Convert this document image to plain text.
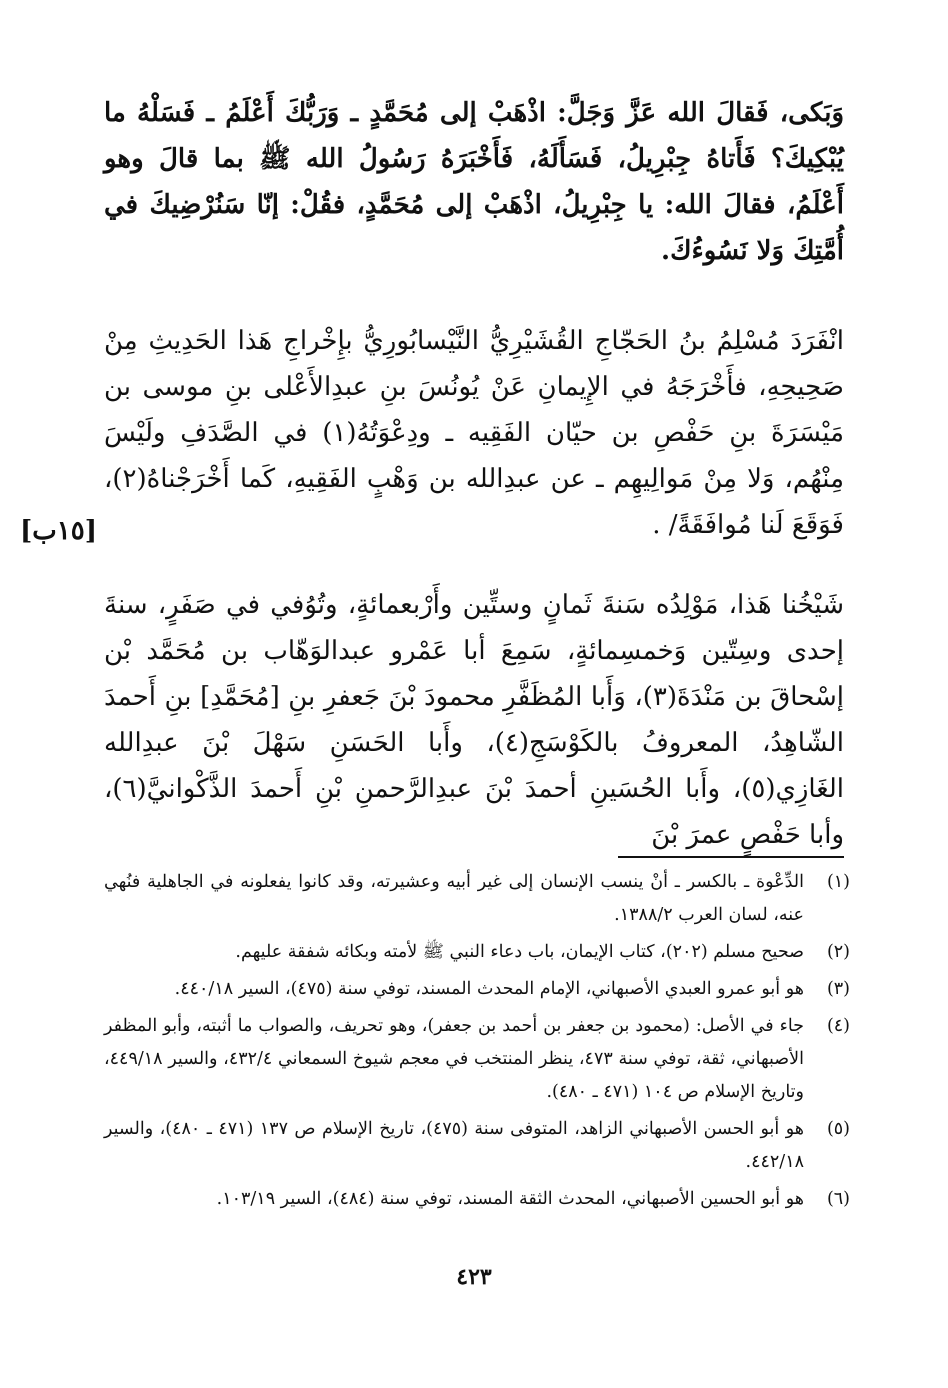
وَبَكى، فَقالَ الله عَزَّ وَجَلَّ: اذْهَبْ إلى مُحَمَّدٍ ـ وَرَبُّكَ أَعْلَمُ ـ فَسَلْهُ ما يُبْكِيكَ؟ فَأَتاهُ جِبْرِيلُ، فَسَأَلَهُ، فَأَخْبَرَهُ رَسُولُ الله ﷺ بما قالَ وهو أَعْلَمُ، فقالَ الله: يا جِبْرِيلُ، اذْهَبْ إلى مُحَمَّدٍ، فقُلْ: إنّا سَنُرْضِيكَ في أُمَّتِكَ وَلا نَسُوءُكَ.

انْفَرَدَ مُسْلِمُ بنُ الحَجّاجِ القُشَيْرِيُّ النَّيْسابُورِيُّ بإِخْراجِ هَذا الحَدِيثِ مِنْ صَحِيحِهِ، فأَخْرَجَهُ في الإِيمانِ عَنْ يُونُسَ بنِ عبدِالأَعْلى بنِ موسى بن مَيْسَرَةَ بنِ حَفْصِ بن حيّان الفَقِيه ـ ودِعْوَتُهُ(١) في الصَّدَفِ ولَيْسَ مِنْهُم، وَلا مِنْ مَوالِيهِم ـ عن عبدِالله بن وَهْبٍ الفَقِيهِ، كَما أَخْرَجْناهُ(٢)، فَوَقَعَ لَنا مُوافَقَةً/ .

[١٥ب]

شَيْخُنا هَذا، مَوْلِدُه سَنةَ ثَمانٍ وستِّين وأَرْبعمائةٍ، وتُوُفي في صَفَرٍ، سنةَ إحدى وسِتّين وَخمسِمائةٍ، سَمِعَ أبا عَمْرو عبدالوَهّاب بن مُحَمَّد بْن إسْحاقَ بن مَنْدَةَ(٣)، وَأَبا المُظَفَّرِ محمودَ بْنَ جَعفرِ بنِ [مُحَمَّدِ] بنِ أَحمدَ الشّاهِدُ، المعروفُ بالكَوْسَجِ(٤)، وأَبا الحَسَنِ سَهْلَ بْنَ عبدِالله الغَازِي(٥)، وأَبا الحُسَينِ أحمدَ بْنَ عبدِالرَّحمنِ بْنِ أَحمدَ الذَّكْوانيَّ(٦)، وأبا حَفْصٍ عمرَ بْنَ

(١)
الدِّعْوة ـ بالكسر ـ أنْ ينسب الإنسان إلى غير أبيه وعشيرته، وقد كانوا يفعلونه في الجاهلية فنُهي عنه، لسان العرب ١٣٨٨/٢.
(٢)
صحيح مسلم (٢٠٢)، كتاب الإيمان، باب دعاء النبي ﷺ لأمته وبكائه شفقة عليهم.
(٣)
هو أبو عمرو العبدي الأصبهاني، الإمام المحدث المسند، توفي سنة (٤٧٥)، السير ٤٤٠/١٨.
(٤)
جاء في الأصل: (محمود بن جعفر بن أحمد بن جعفر)، وهو تحريف، والصواب ما أثبته، وأبو المظفر الأصبهاني، ثقة، توفي سنة ٤٧٣، ينظر المنتخب في معجم شيوخ السمعاني ٤٣٢/٤، والسير ٤٤٩/١٨، وتاريخ الإسلام ص ١٠٤ (٤٧١ ـ ٤٨٠).
(٥)
هو أبو الحسن الأصبهاني الزاهد، المتوفى سنة (٤٧٥)، تاريخ الإسلام ص ١٣٧ (٤٧١ ـ ٤٨٠)، والسير ٤٤٢/١٨.
(٦)
هو أبو الحسين الأصبهاني، المحدث الثقة المسند، توفي سنة (٤٨٤)، السير ١٠٣/١٩.
٤٢٣
